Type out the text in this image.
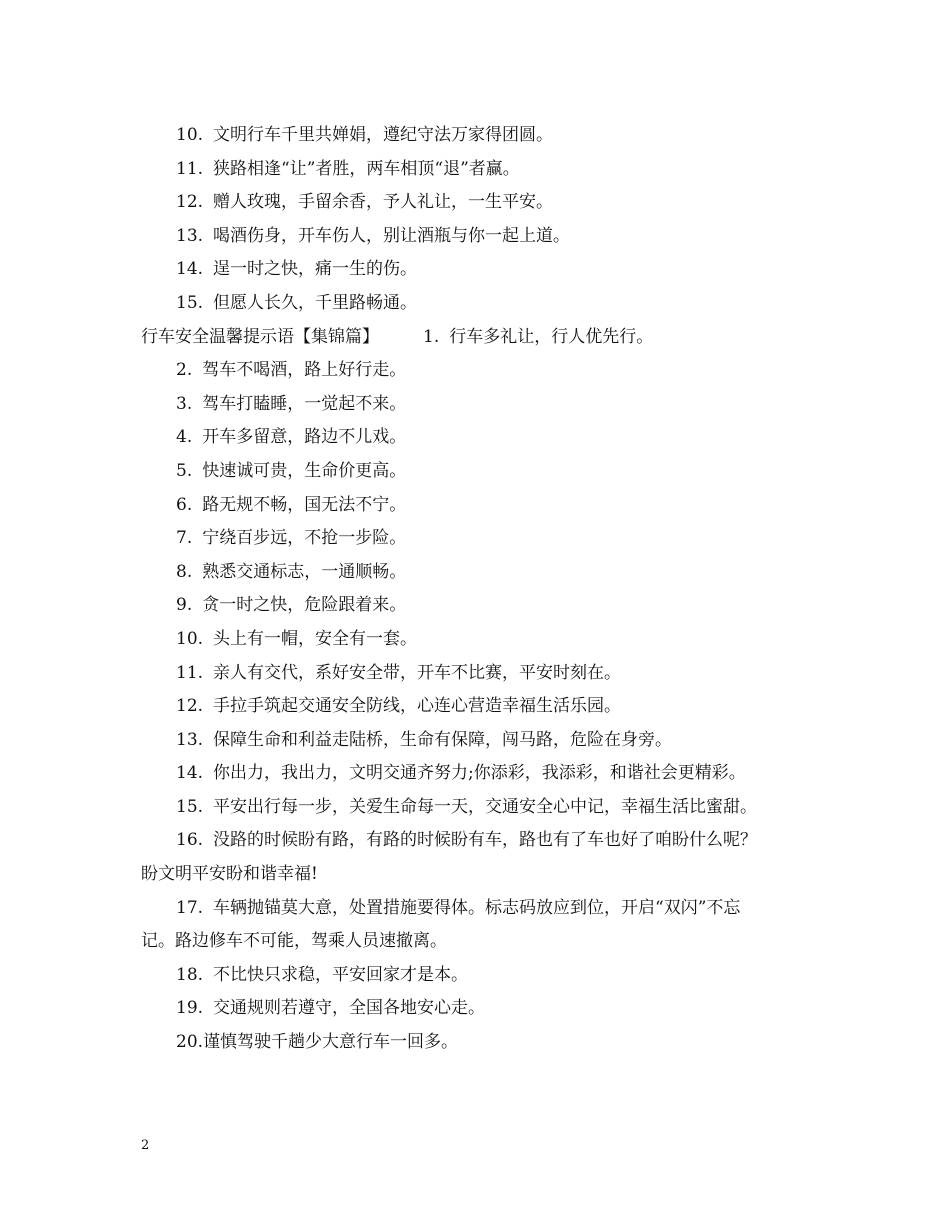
10. 文明行车千里共婵娟，遵纪守法万家得团圆。
11. 狭路相逢“让”者胜，两车相顶“退”者赢。
12. 赠人玫瑰，手留余香，予人礼让，一生平安。
13. 喝酒伤身，开车伤人，别让酒瓶与你一起上道。
14. 逞一时之快，痛一生的伤。
15. 但愿人长久，千里路畅通。
行车安全温馨提示语【集锦篇】	1. 行车多礼让，行人优先行。
2. 驾车不喝酒，路上好行走。
3. 驾车打瞌睡，一觉起不来。
4. 开车多留意，路边不儿戏。
5. 快速诚可贵，生命价更高。
6. 路无规不畅，国无法不宁。
7. 宁绕百步远，不抢一步险。
8. 熟悉交通标志，一通顺畅。
9. 贪一时之快，危险跟着来。
10. 头上有一帽，安全有一套。
11. 亲人有交代，系好安全带，开车不比赛，平安时刻在。
12. 手拉手筑起交通安全防线，心连心营造幸福生活乐园。
13. 保障生命和利益走陆桥，生命有保障，闯马路，危险在身旁。
14. 你出力，我出力，文明交通齐努力;你添彩，我添彩，和谐社会更精彩。
15. 平安出行每一步，关爱生命每一天，交通安全心中记，幸福生活比蜜甜。
16. 没路的时候盼有路，有路的时候盼有车，路也有了车也好了咱盼什么呢？
盼文明平安盼和谐幸福!
17. 车辆抛锚莫大意，处置措施要得体。标志码放应到位，开启“双闪”不忘
记。路边修车不可能，驾乘人员速撤离。
18. 不比快只求稳，平安回家才是本。
19. 交通规则若遵守，全国各地安心走。
20.谨慎驾驶千趟少大意行车一回多。
2
